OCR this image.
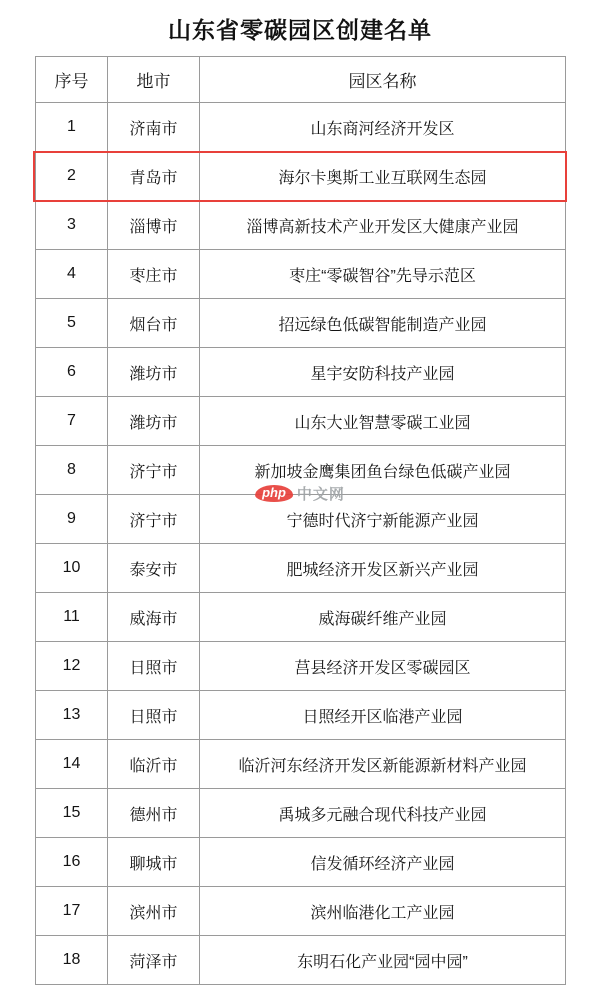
山东省零碳园区创建名单
序号	地市	园区名称
1	济南市	山东商河经济开发区
2	青岛市	海尔卡奥斯工业互联网生态园
3	淄博市	淄博高新技术产业开发区大健康产业园
4	枣庄市	枣庄“零碳智谷”先导示范区
5	烟台市	招远绿色低碳智能制造产业园
6	潍坊市	星宇安防科技产业园
7	潍坊市	山东大业智慧零碳工业园
8	济宁市	新加坡金鹰集团鱼台绿色低碳产业园
9	济宁市	宁德时代济宁新能源产业园
10	泰安市	肥城经济开发区新兴产业园
11	威海市	威海碳纤维产业园
12	日照市	莒县经济开发区零碳园区
13	日照市	日照经开区临港产业园
14	临沂市	临沂河东经济开发区新能源新材料产业园
15	德州市	禹城多元融合现代科技产业园
16	聊城市	信发循环经济产业园
17	滨州市	滨州临港化工产业园
18	菏泽市	东明石化产业园“园中园”
php 中文网
